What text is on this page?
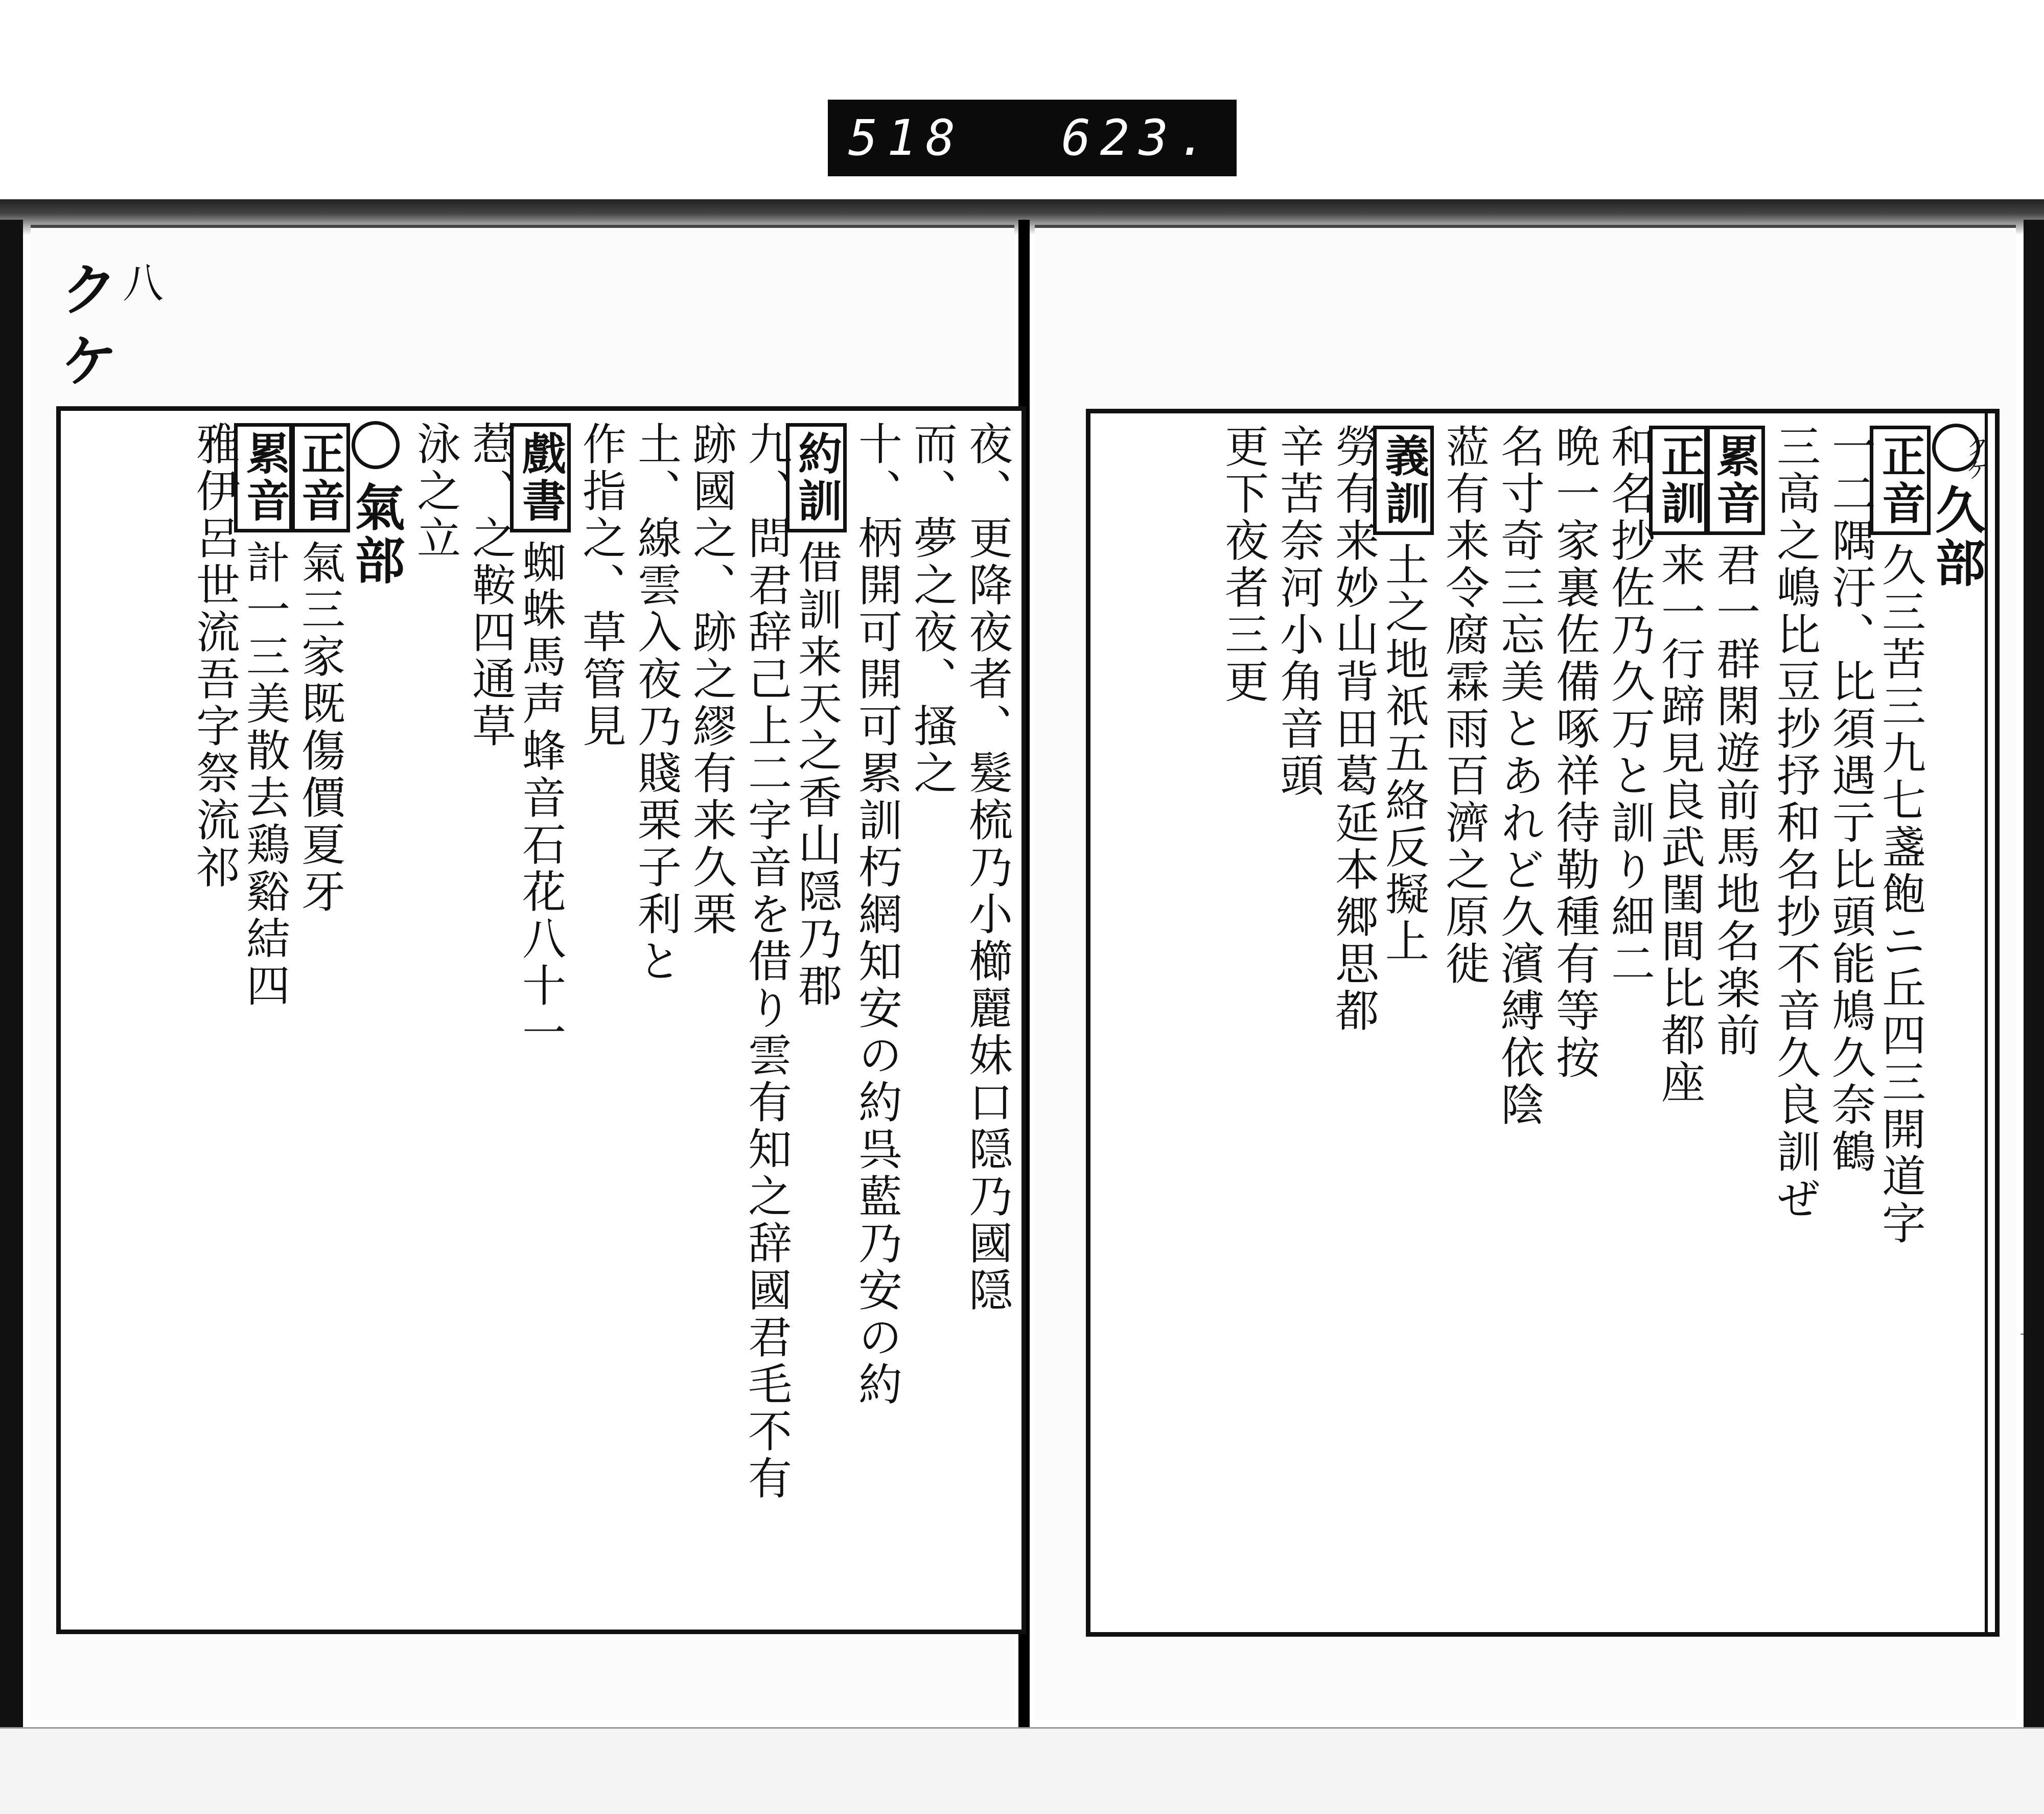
518 623.
ク 八
ケ
クケ
久部
正音久三苦三九七盞飽ニ丘四三開道字
一二隅汙、比須遇亍比頭能鳩久奈鶴
三高之嶋比豆抄抒和名抄不音久良訓ぜ
累音君一群閑遊前馬地名楽前
正訓来一行蹄見良武閨間比都座
和名抄佐乃久万と訓り細二
晩一家裏佐備啄祥待勒種有等按
名寸奇三忘美とあれど久濱縛依陰
蒞有来令腐霖雨百濟之原徙
義訓土之地祇五絡反擬上
勞有来妙山背田葛延本郷思都
辛苦奈河小角音頭
更下夜者三更
十
夜、更降夜者、髮梳乃小櫛麗妹口隠乃國隠
而、夢之夜、搔之
十、柄開可開可累訓朽網知安の約呉藍乃安の約
約訓借訓来天之香山隠乃郡
九、問君辞己上二字音を借り雲有知之辞國君毛不有
跡國之、跡之繆有来久栗
土、線雲入夜乃賤栗子利と
作指之、草管見
戲書蜘蛛馬声蜂音石花八十一
惹、之鞍四通草
泳之立
氣部
正音氣三家既傷價夏牙
累音計一三美散去鶏谿結四
雅伊呂世流吾字祭流祁
